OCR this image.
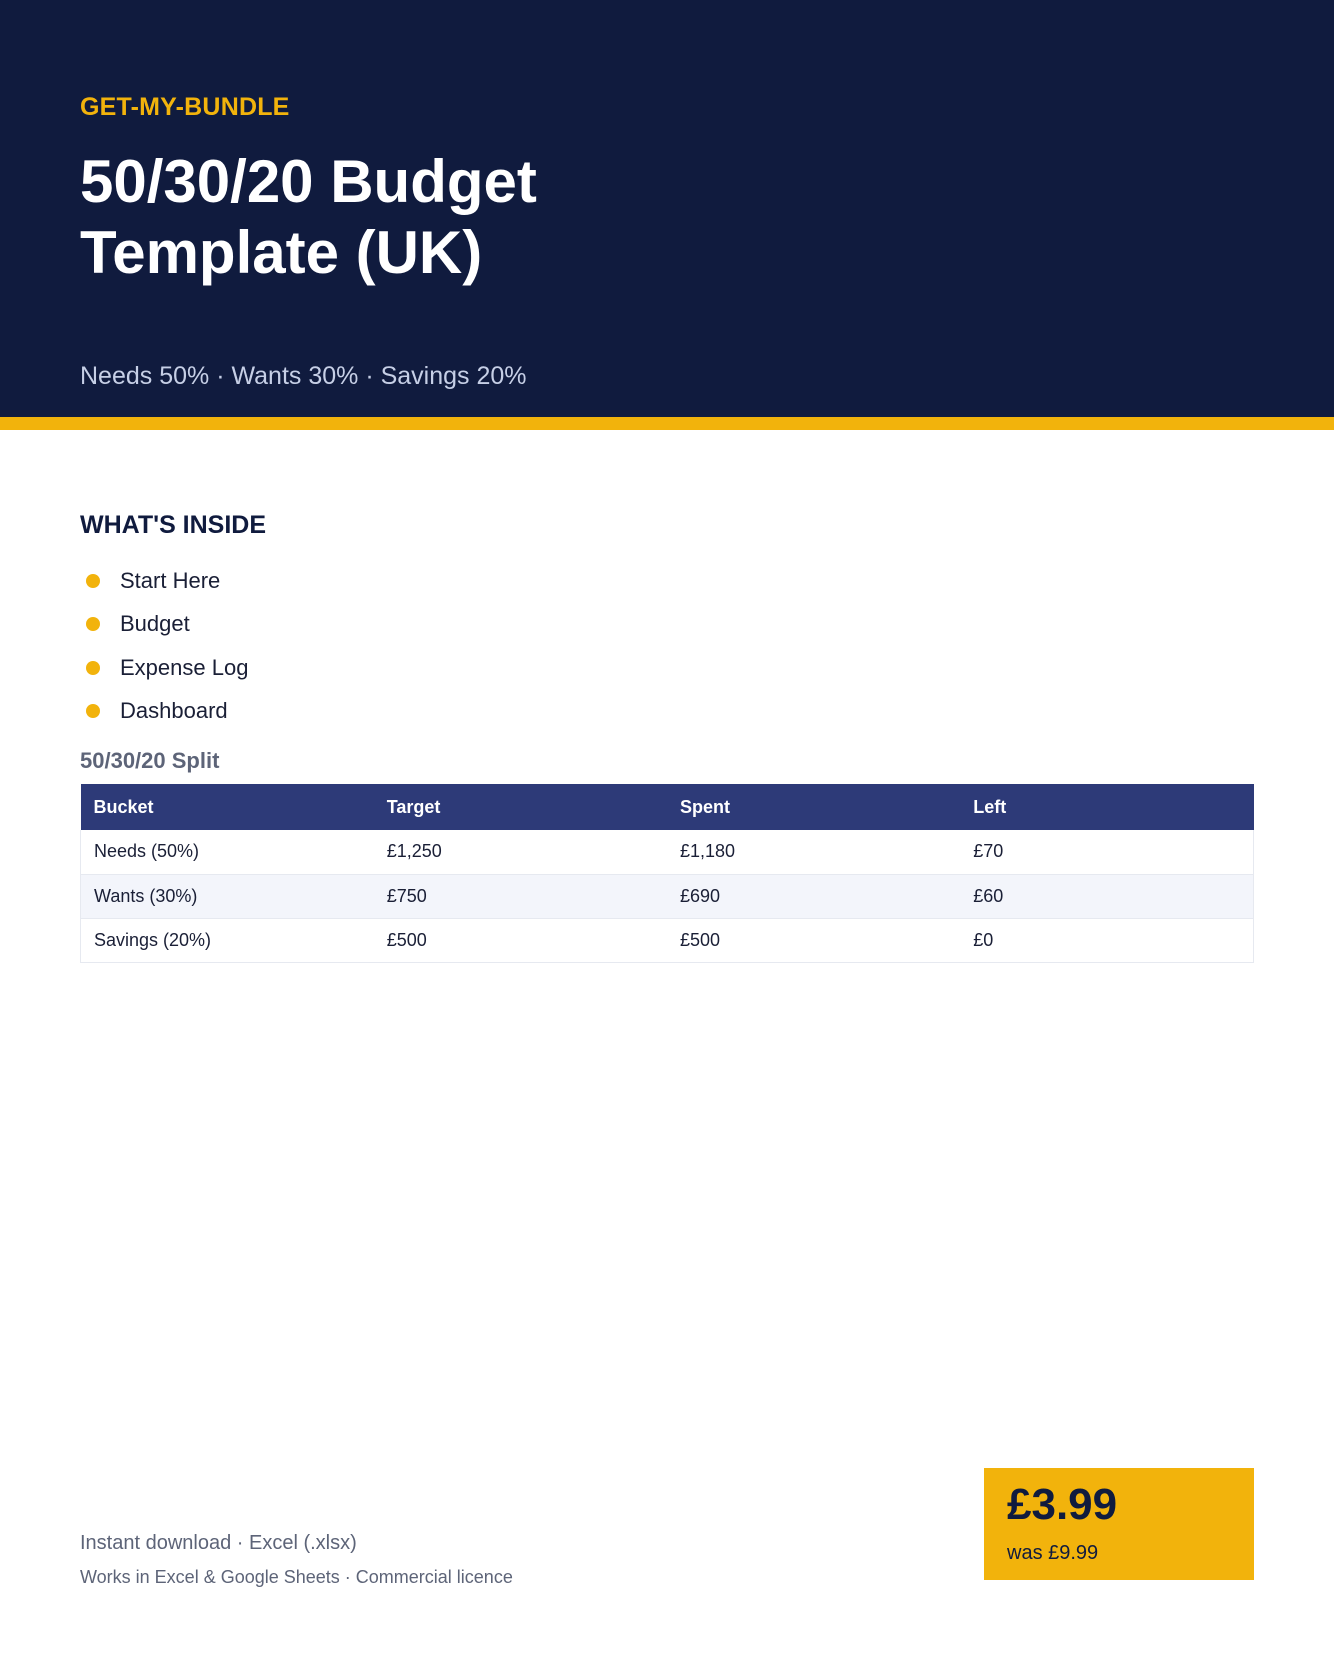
GET-MY-BUNDLE

50/30/20 Budget Template (UK)

Needs 50% · Wants 30% · Savings 20%

WHAT'S INSIDE
Start Here
Budget
Expense Log
Dashboard
50/30/20 Split
Bucket	Target	Spent	Left
Needs (50%)	£1,250	£1,180	£70
Wants (30%)	£750	£690	£60
Savings (20%)	£500	£500	£0

Instant download · Excel (.xlsx)

Works in Excel & Google Sheets · Commercial licence

£3.99

was £9.99
